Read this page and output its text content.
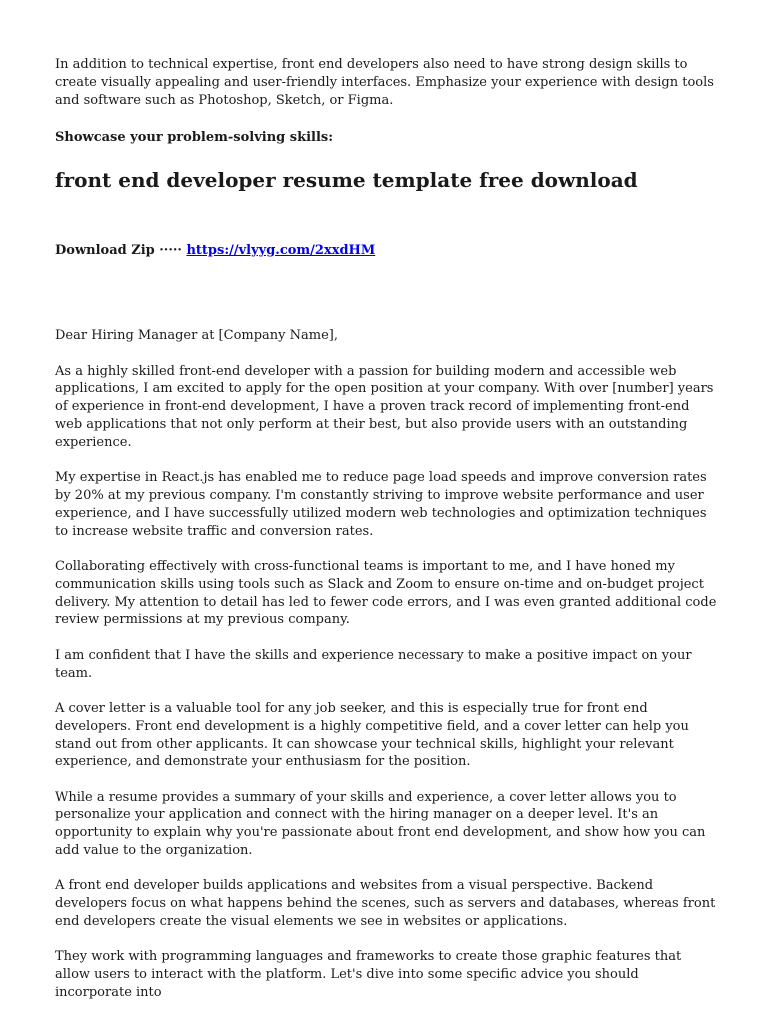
In addition to technical expertise, front end developers also need to have strong design skills to create visually appealing and user-friendly interfaces. Emphasize your experience with design tools and software such as Photoshop, Sketch, or Figma.

Showcase your problem-solving skills:

front end developer resume template free download
Download Zip ····· https://vlyyg.com/2xxdHM

Dear Hiring Manager at [Company Name],

As a highly skilled front-end developer with a passion for building modern and accessible web applications, I am excited to apply for the open position at your company. With over [number] years of experience in front-end development, I have a proven track record of implementing front-end web applications that not only perform at their best, but also provide users with an outstanding experience.

My expertise in React.js has enabled me to reduce page load speeds and improve conversion rates by 20% at my previous company. I'm constantly striving to improve website performance and user experience, and I have successfully utilized modern web technologies and optimization techniques to increase website traffic and conversion rates.

Collaborating effectively with cross-functional teams is important to me, and I have honed my communication skills using tools such as Slack and Zoom to ensure on-time and on-budget project delivery. My attention to detail has led to fewer code errors, and I was even granted additional code review permissions at my previous company.

I am confident that I have the skills and experience necessary to make a positive impact on your team.

A cover letter is a valuable tool for any job seeker, and this is especially true for front end developers. Front end development is a highly competitive field, and a cover letter can help you stand out from other applicants. It can showcase your technical skills, highlight your relevant experience, and demonstrate your enthusiasm for the position.

While a resume provides a summary of your skills and experience, a cover letter allows you to personalize your application and connect with the hiring manager on a deeper level. It's an opportunity to explain why you're passionate about front end development, and show how you can add value to the organization.

A front end developer builds applications and websites from a visual perspective. Backend developers focus on what happens behind the scenes, such as servers and databases, whereas front end developers create the visual elements we see in websites or applications.

They work with programming languages and frameworks to create those graphic features that allow users to interact with the platform. Let's dive into some specific advice you should incorporate into
